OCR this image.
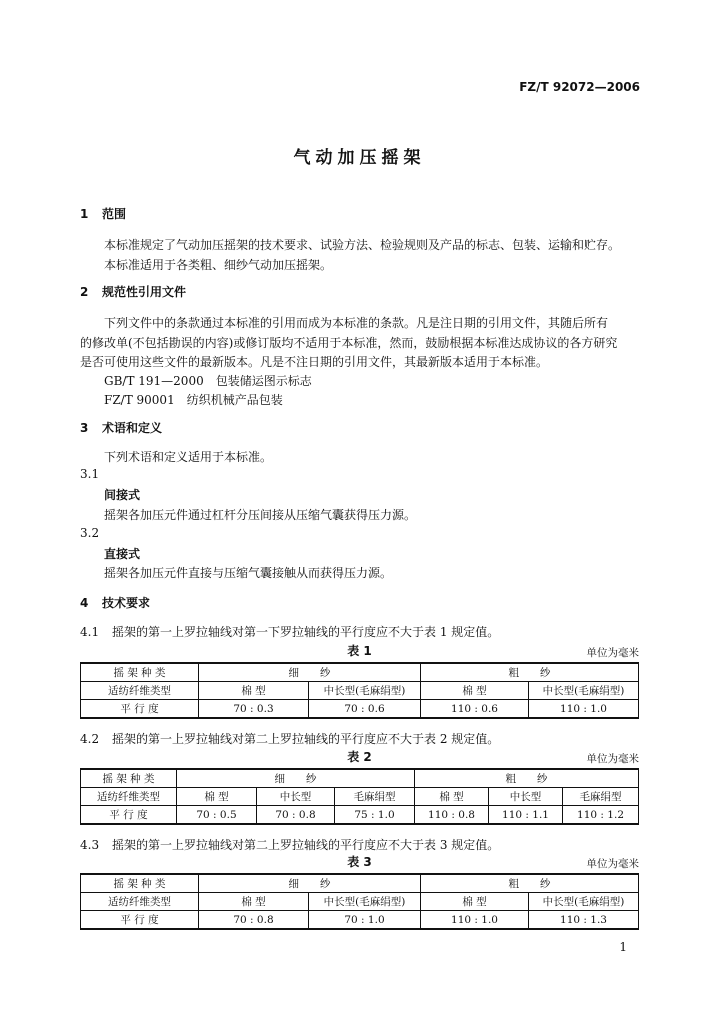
FZ/T 92072—2006
气动加压摇架
1 范围
本标准规定了气动加压摇架的技术要求、试验方法、检验规则及产品的标志、包装、运输和贮存。
本标准适用于各类粗、细纱气动加压摇架。
2 规范性引用文件
下列文件中的条款通过本标准的引用而成为本标准的条款。凡是注日期的引用文件，其随后所有
的修改单(不包括勘误的内容)或修订版均不适用于本标准，然而，鼓励根据本标准达成协议的各方研究
是否可使用这些文件的最新版本。凡是不注日期的引用文件，其最新版本适用于本标准。
GB/T 191—2000　包装储运图示标志
FZ/T 90001　纺织机械产品包装
3 术语和定义
下列术语和定义适用于本标准。
3.1
间接式
摇架各加压元件通过杠杆分压间接从压缩气囊获得压力源。
3.2
直接式
摇架各加压元件直接与压缩气囊接触从而获得压力源。
4 技术要求
4.1 摇架的第一上罗拉轴线对第一下罗拉轴线的平行度应不大于表 1 规定值。
表 1	单位为毫米
摇 架 种 类	细　　纱		粗　　纱	
适纺纤维类型	棉 型	中长型(毛麻绢型)	棉 型	中长型(毛麻绢型)
平 行 度	70 : 0.3	70 : 0.6	110 : 0.6	110 : 1.0
4.2 摇架的第一上罗拉轴线对第二上罗拉轴线的平行度应不大于表 2 规定值。
表 2	单位为毫米
摇 架 种 类	细　　纱			粗　　纱		
适纺纤维类型	棉 型	中长型	毛麻绢型	棉 型	中长型	毛麻绢型
平 行 度	70 : 0.5	70 : 0.8	75 : 1.0	110 : 0.8	110 : 1.1	110 : 1.2
4.3 摇架的第一上罗拉轴线对第二上罗拉轴线的平行度应不大于表 3 规定值。
表 3	单位为毫米
摇 架 种 类	细　　纱		粗　　纱	
适纺纤维类型	棉 型	中长型(毛麻绢型)	棉 型	中长型(毛麻绢型)
平 行 度	70 : 0.8	70 : 1.0	110 : 1.0	110 : 1.3
1
